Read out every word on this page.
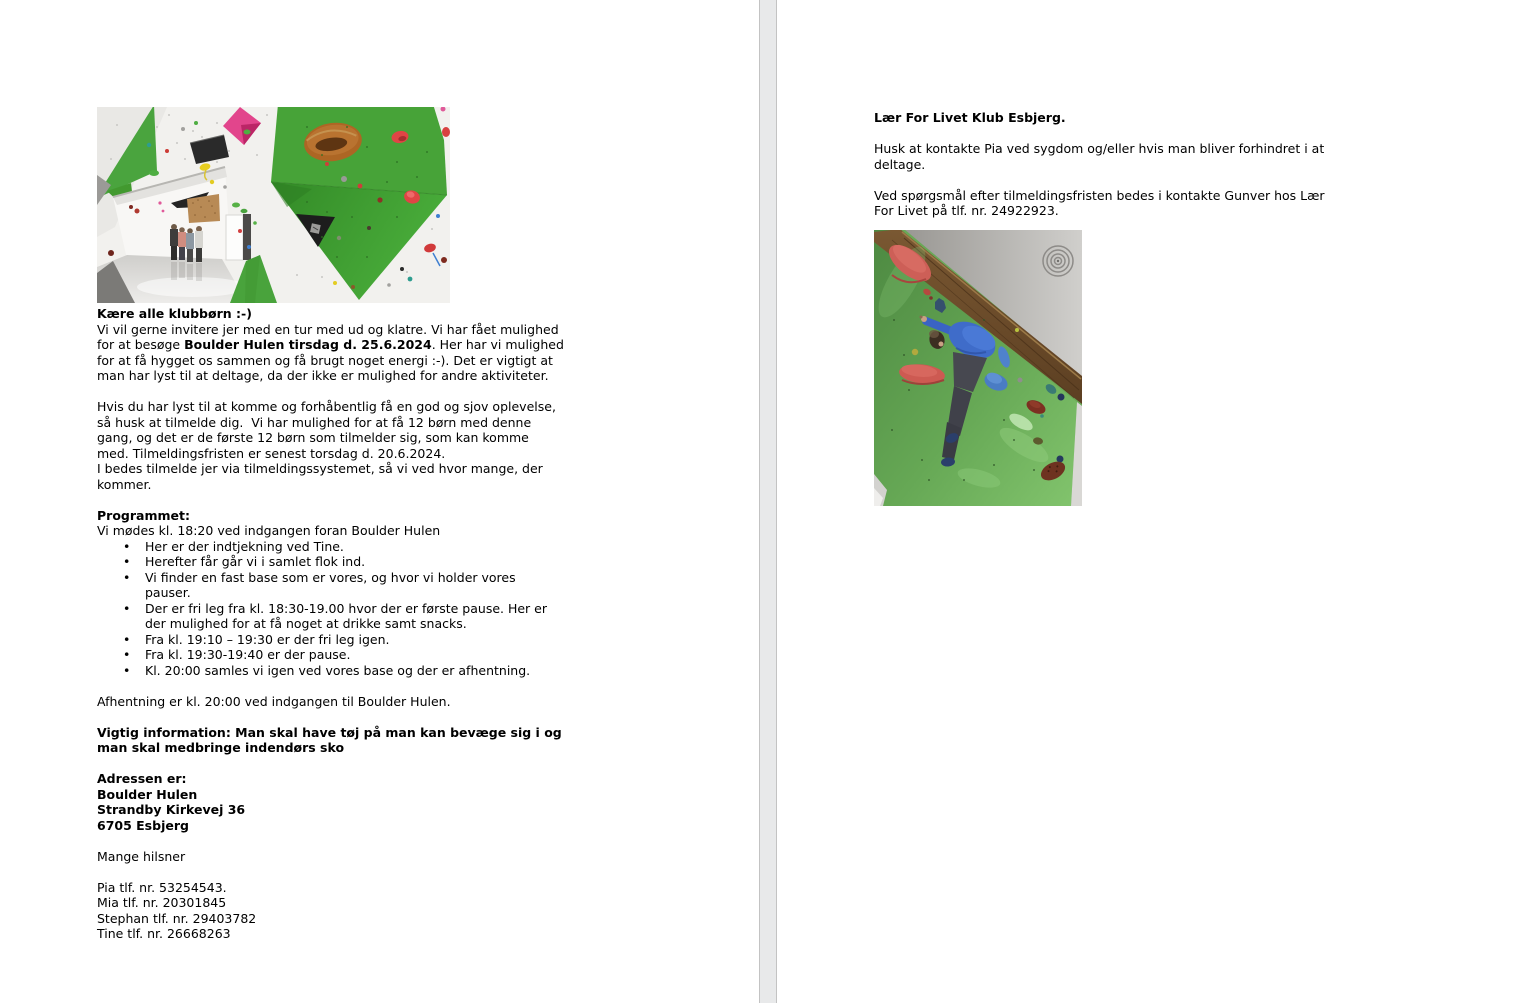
Kære alle klubbørn :-)
Vi vil gerne invitere jer med en tur med ud og klatre. Vi har fået mulighed
for at besøge Boulder Hulen tirsdag d. 25.6.2024. Her har vi mulighed
for at få hygget os sammen og få brugt noget energi :-). Det er vigtigt at
man har lyst til at deltage, da der ikke er mulighed for andre aktiviteter.
Hvis du har lyst til at komme og forhåbentlig få en god og sjov oplevelse,
så husk at tilmelde dig.  Vi har mulighed for at få 12 børn med denne
gang, og det er de første 12 børn som tilmelder sig, som kan komme
med. Tilmeldingsfristen er senest torsdag d. 20.6.2024.
I bedes tilmelde jer via tilmeldingssystemet, så vi ved hvor mange, der
kommer.
Programmet:
Vi mødes kl. 18:20 ved indgangen foran Boulder Hulen
• Her er der indtjekning ved Tine.
• Herefter får går vi i samlet flok ind.
• Vi finder en fast base som er vores, og hvor vi holder vores
pauser.
• Der er fri leg fra kl. 18:30-19.00 hvor der er første pause. Her er
der mulighed for at få noget at drikke samt snacks.
• Fra kl. 19:10 – 19:30 er der fri leg igen.
• Fra kl. 19:30-19:40 er der pause.
• Kl. 20:00 samles vi igen ved vores base og der er afhentning.
Afhentning er kl. 20:00 ved indgangen til Boulder Hulen.
Vigtig information: Man skal have tøj på man kan bevæge sig i og
man skal medbringe indendørs sko
Adressen er:
Boulder Hulen
Strandby Kirkevej 36
6705 Esbjerg
Mange hilsner
Pia tlf. nr. 53254543.
Mia tlf. nr. 20301845
Stephan tlf. nr. 29403782
Tine tlf. nr. 26668263
Lær For Livet Klub Esbjerg.
Husk at kontakte Pia ved sygdom og/eller hvis man bliver forhindret i at
deltage.
Ved spørgsmål efter tilmeldingsfristen bedes i kontakte Gunver hos Lær
For Livet på tlf. nr. 24922923.
